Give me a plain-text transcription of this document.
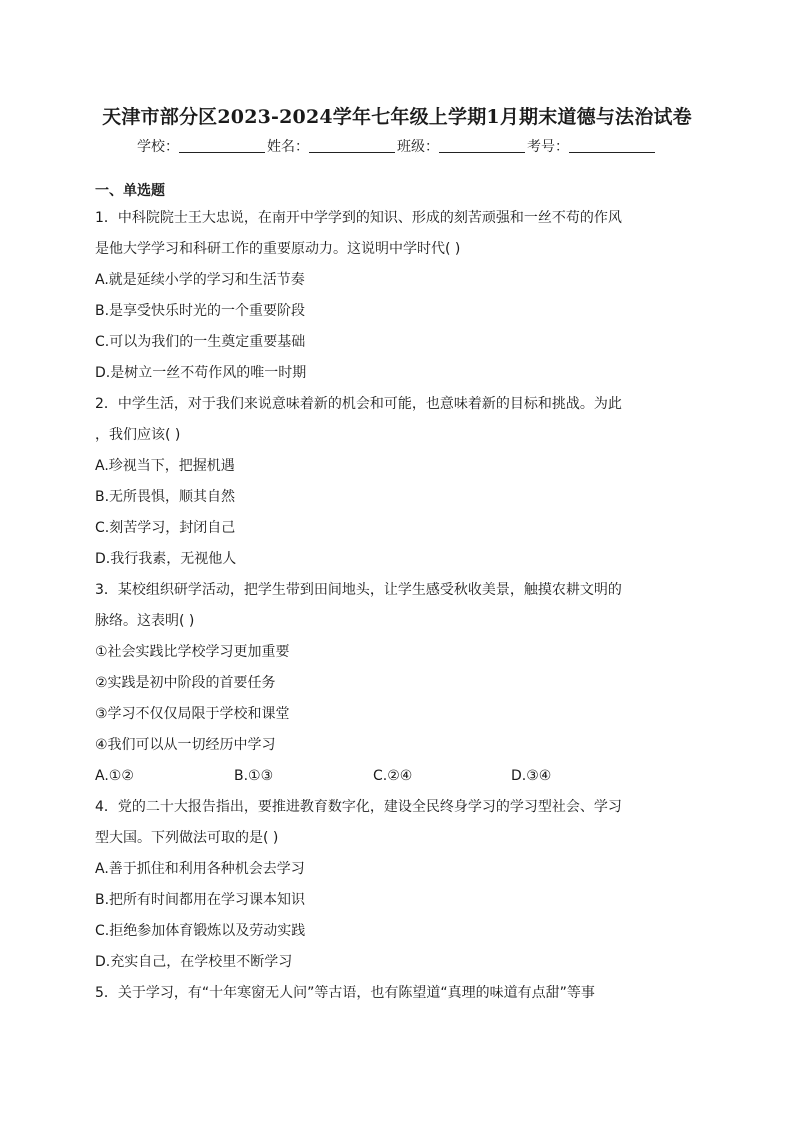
天津市部分区2023-2024学年七年级上学期1月期末道德与法治试卷
学校：	姓名：	班级：	考号：
一、单选题
1．中科院院士王大忠说，在南开中学学到的知识、形成的刻苦顽强和一丝不苟的作风
是他大学学习和科研工作的重要原动力。这说明中学时代( )
A.就是延续小学的学习和生活节奏
B.是享受快乐时光的一个重要阶段
C.可以为我们的一生奠定重要基础
D.是树立一丝不苟作风的唯一时期
2．中学生活，对于我们来说意味着新的机会和可能，也意味着新的目标和挑战。为此
，我们应该( )
A.珍视当下，把握机遇
B.无所畏惧，顺其自然
C.刻苦学习，封闭自己
D.我行我素，无视他人
3．某校组织研学活动，把学生带到田间地头，让学生感受秋收美景，触摸农耕文明的
脉络。这表明( )
①社会实践比学校学习更加重要
②实践是初中阶段的首要任务
③学习不仅仅局限于学校和课堂
④我们可以从一切经历中学习
A.①②	B.①③	C.②④	D.③④
4．党的二十大报告指出，要推进教育数字化，建设全民终身学习的学习型社会、学习
型大国。下列做法可取的是( )
A.善于抓住和利用各种机会去学习
B.把所有时间都用在学习课本知识
C.拒绝参加体育锻炼以及劳动实践
D.充实自己，在学校里不断学习
5．关于学习，有“十年寒窗无人问”等古语，也有陈望道“真理的味道有点甜”等事
